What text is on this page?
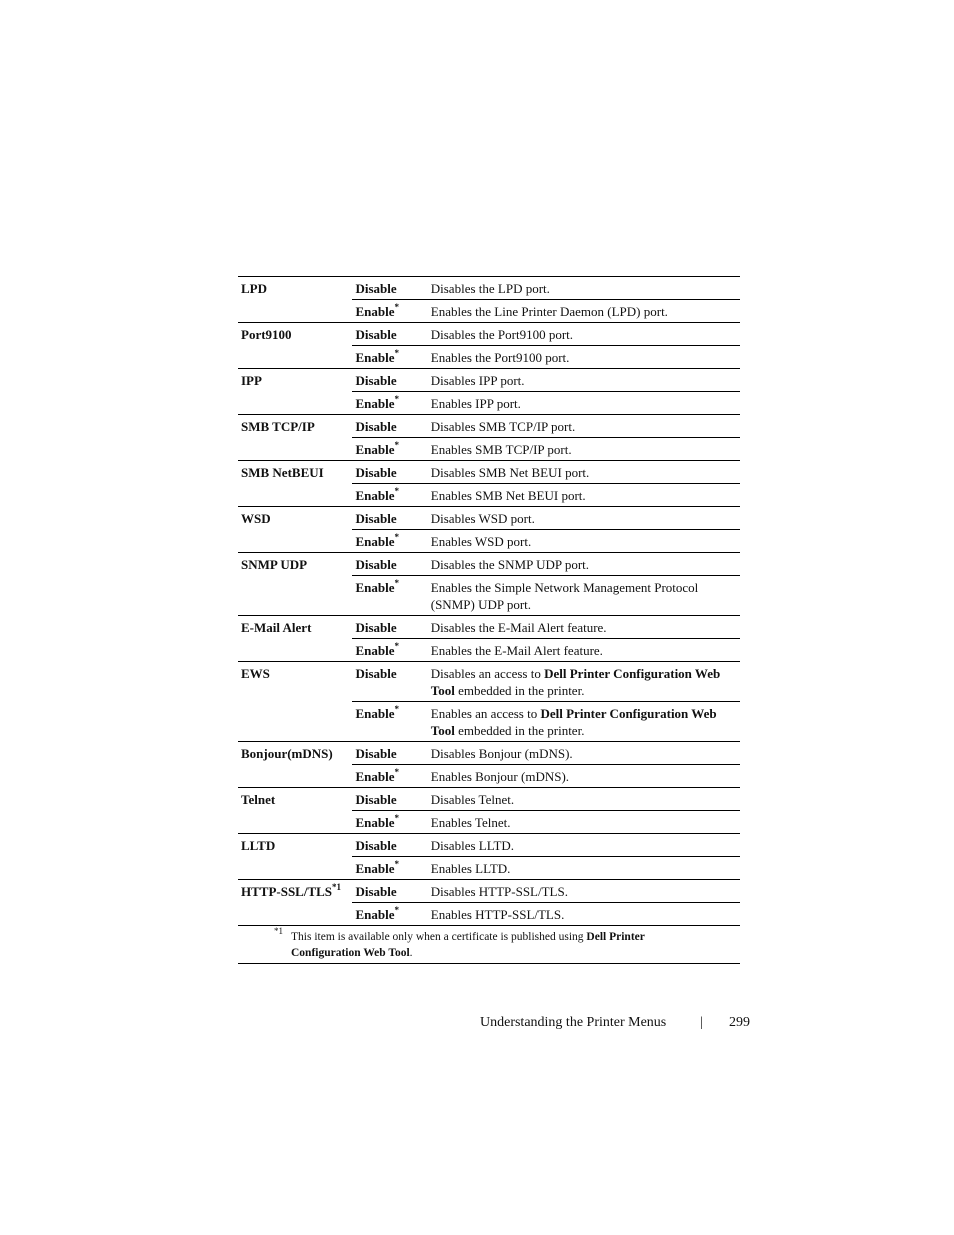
LPD	Disable	Disables the LPD port.
	Enable*	Enables the Line Printer Daemon (LPD) port.
Port9100	Disable	Disables the Port9100 port.
	Enable*	Enables the Port9100 port.
IPP	Disable	Disables IPP port.
	Enable*	Enables IPP port.
SMB TCP/IP	Disable	Disables SMB TCP/IP port.
	Enable*	Enables SMB TCP/IP port.
SMB NetBEUI	Disable	Disables SMB Net BEUI port.
	Enable*	Enables SMB Net BEUI port.
WSD	Disable	Disables WSD port.
	Enable*	Enables WSD port.
SNMP UDP	Disable	Disables the SNMP UDP port.
	Enable*	Enables the Simple Network Management Protocol (SNMP) UDP port.
E-Mail Alert	Disable	Disables the E-Mail Alert feature.
	Enable*	Enables the E-Mail Alert feature.
EWS	Disable	Disables an access to Dell Printer Configuration Web Tool embedded in the printer.
	Enable*	Enables an access to Dell Printer Configuration Web Tool embedded in the printer.
Bonjour(mDNS)	Disable	Disables Bonjour (mDNS).
	Enable*	Enables Bonjour (mDNS).
Telnet	Disable	Disables Telnet.
	Enable*	Enables Telnet.
LLTD	Disable	Disables LLTD.
	Enable*	Enables LLTD.
HTTP-SSL/TLS$^{*1}$	Disable	Disables HTTP-SSL/TLS.
	Enable*	Enables HTTP-SSL/TLS.

$^{*1}$ This item is available only when a certificate is published using Dell Printer Configuration Web Tool.		
Understanding the Printer Menus | 299
